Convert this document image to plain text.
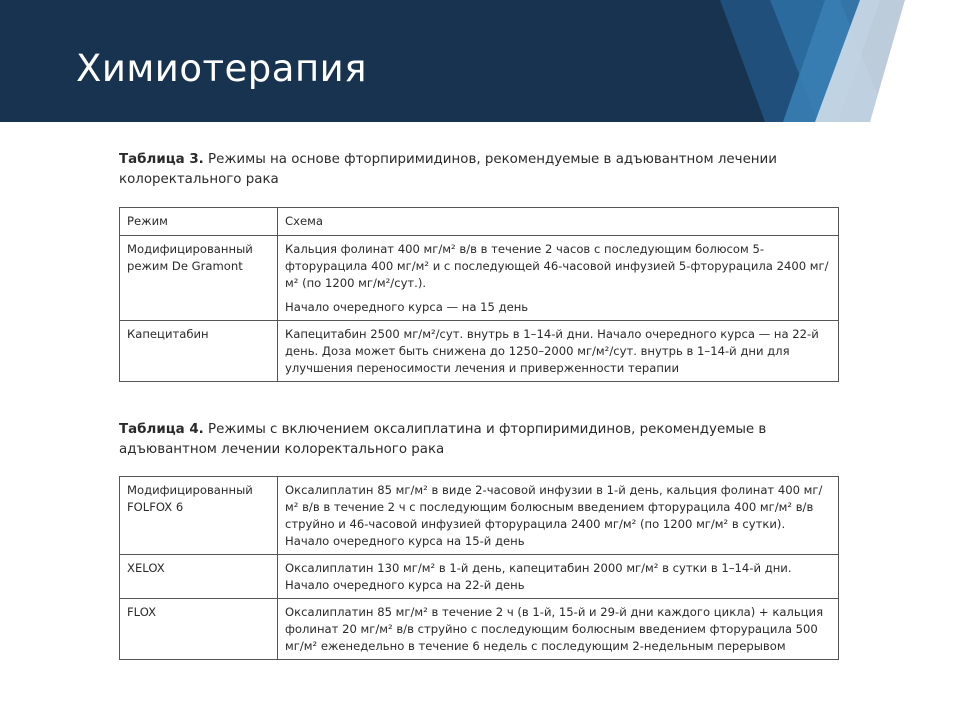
Химиотерапия
Таблица 3. Режимы на основе фторпиримидинов, рекомендуемые в адъювантном лечении колоректального рака
Режим	Схема
Модифицированный режим De Gramont	Кальция фолинат 400 мг/м² в/в в течение 2 часов с последующим болюсом 5-фторурацила 400 мг/м² и с последующей 46-часовой инфузией 5-фторурацила 2400 мг/м² (по 1200 мг/м²/сут.).
Начало очередного курса — на 15 день

Капецитабин	Капецитабин 2500 мг/м²/сут. внутрь в 1–14-й дни. Начало очередного курса — на 22-й день. Доза может быть снижена до 1250–2000 мг/м²/сут. внутрь в 1–14-й дни для улучшения переносимости лечения и приверженности терапии
Таблица 4. Режимы с включением оксалиплатина и фторпиримидинов, рекомендуемые в адъювантном лечении колоректального рака
Модифицированный FOLFOX 6	Оксалиплатин 85 мг/м² в виде 2-часовой инфузии в 1-й день, кальция фолинат 400 мг/м² в/в в течение 2 ч с последующим болюсным введением фторурацила 400 мг/м² в/в струйно и 46-часовой инфузией фторурацила 2400 мг/м² (по 1200 мг/м² в сутки).
Начало очередного курса на 15-й день

XELOX	Оксалиплатин 130 мг/м² в 1-й день, капецитабин 2000 мг/м² в сутки в 1–14-й дни.
Начало очередного курса на 22-й день

FLOX	Оксалиплатин 85 мг/м² в течение 2 ч (в 1-й, 15-й и 29-й дни каждого цикла) + кальция фолинат 20 мг/м² в/в струйно с последующим болюсным введением фторурацила 500 мг/м² еженедельно в течение 6 недель с последующим 2-недельным перерывом
